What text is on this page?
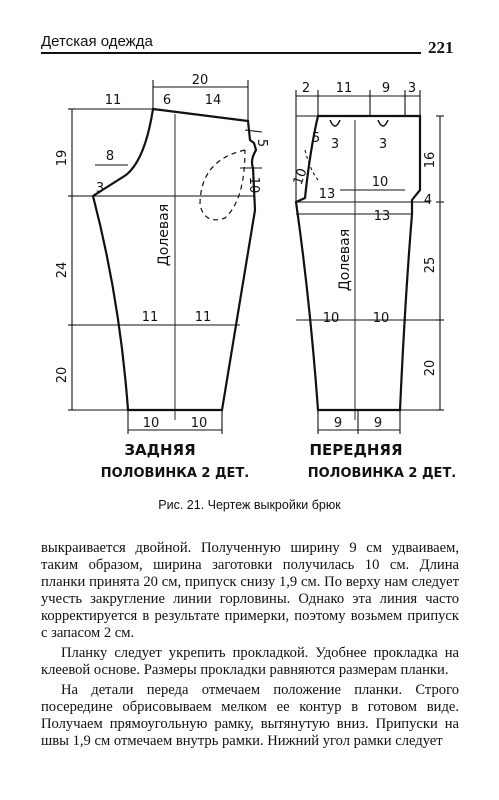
Детская одежда	221
20
11	6	14
19
24
20
8
3
5
10
11	11
10 10
Долевая
2 11 9 3
5
10
3	3
10
4
13
13
16
25
20
10	10
9 9
Долевая
ЗАДНЯЯ
ПОЛОВИНКА 2 ДЕТ.
ПЕРЕДНЯЯ
ПОЛОВИНКА 2 ДЕТ.
Рис. 21. Чертеж выкройки брюк

выкраивается двойной. Полученную ширину 9 см удваиваем, таким образом, ширина заготовки получилась 10 см. Длина планки принята 20 см, припуск снизу 1,9 см. По верху нам следует учесть закругление линии горловины. Однако эта линия часто корректируется в результате примерки, поэтому возьмем припуск с запасом 2 см.

Планку следует укрепить прокладкой. Удобнее прокладка на клеевой основе. Размеры прокладки равняются размерам планки.

На детали переда отмечаем положение планки. Строго посередине обрисовываем мелком ее контур в готовом виде. Получаем прямоугольную рамку, вытянутую вниз. Припуски на швы 1,9 см отмечаем внутрь рамки. Нижний угол рамки следует
